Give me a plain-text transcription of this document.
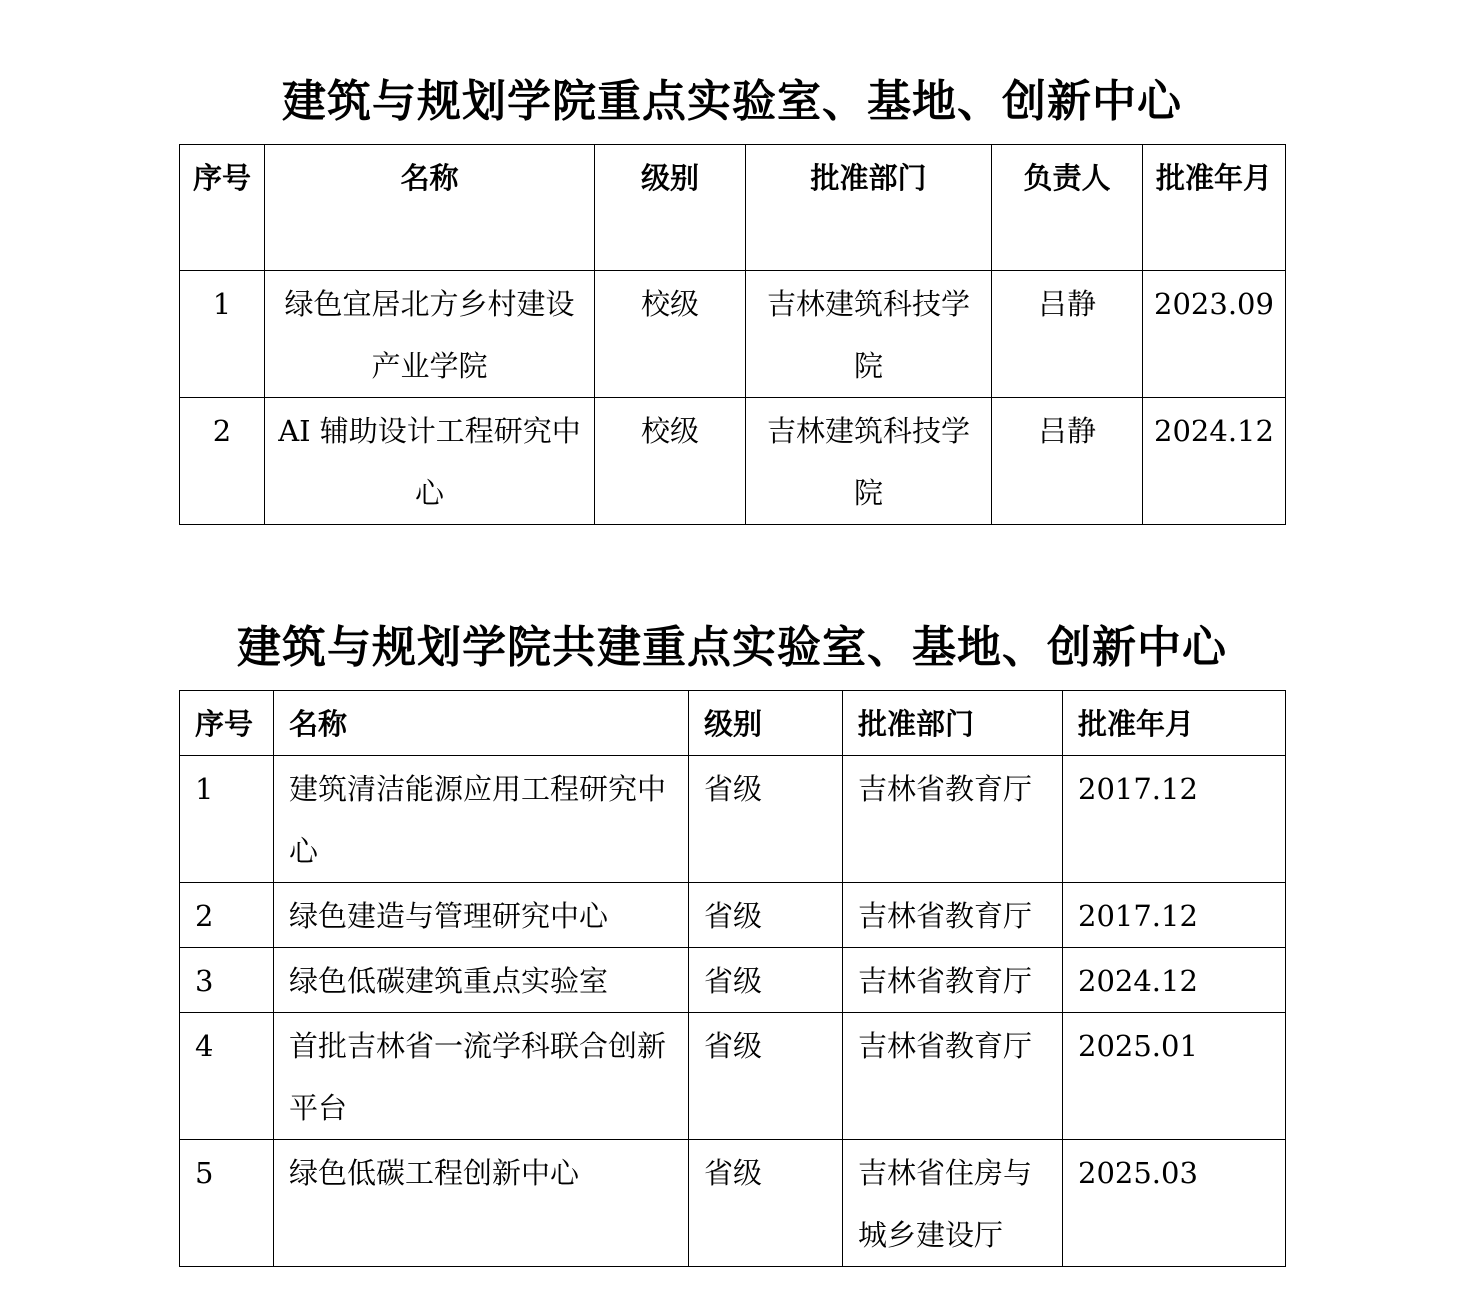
建筑与规划学院重点实验室、基地、创新中心
序号	名称	级别	批准部门	负责人	批准年月
1	绿色宜居北方乡村建设产业学院	校级	吉林建筑科技学院	吕静	2023.09
2	AI 辅助设计工程研究中心	校级	吉林建筑科技学院	吕静	2024.12
建筑与规划学院共建重点实验室、基地、创新中心
序号	名称	级别	批准部门	批准年月
1	建筑清洁能源应用工程研究中心	省级	吉林省教育厅	2017.12
2	绿色建造与管理研究中心	省级	吉林省教育厅	2017.12
3	绿色低碳建筑重点实验室	省级	吉林省教育厅	2024.12
4	首批吉林省一流学科联合创新平台	省级	吉林省教育厅	2025.01
5	绿色低碳工程创新中心	省级	吉林省住房与城乡建设厅	2025.03
